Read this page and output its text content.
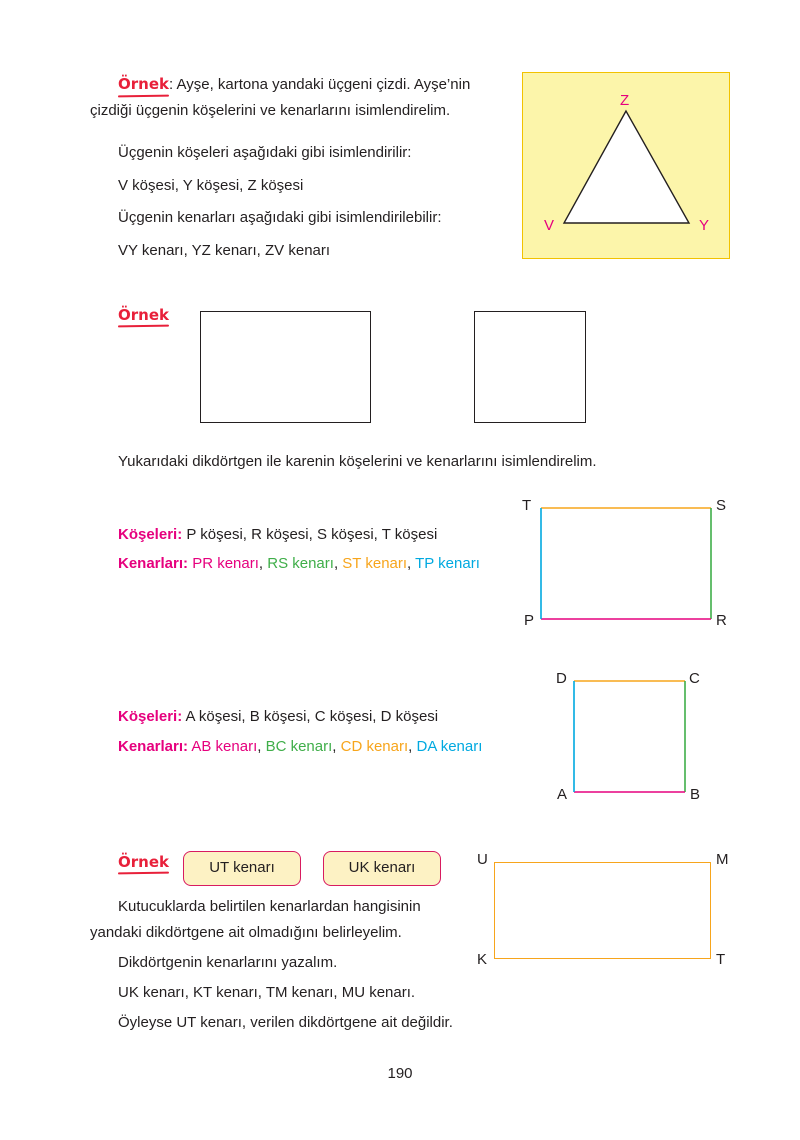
Örnek: Ayşe, kartona yandaki üçgeni çizdi. Ayşe’nin
çizdiği üçgenin köşelerini ve kenarlarını isimlendirelim.
Üçgenin köşeleri aşağıdaki gibi isimlendirilir:
V köşesi, Y köşesi, Z köşesi
Üçgenin kenarları aşağıdaki gibi isimlendirilebilir:
VY kenarı, YZ kenarı, ZV kenarı
Z
V	Y
Örnek
Yukarıdaki dikdörtgen ile karenin köşelerini ve kenarlarını isimlendirelim.
Köşeleri: P köşesi, R köşesi, S köşesi, T köşesi
Kenarları: PR kenarı, RS kenarı, ST kenarı, TP kenarı
T	S
P	R
Köşeleri: A köşesi, B köşesi, C köşesi, D köşesi
Kenarları: AB kenarı, BC kenarı, CD kenarı, DA kenarı
D	C
A	B
Örnek	UT kenarı	UK kenarı
Kutucuklarda belirtilen kenarlardan hangisinin
yandaki dikdörtgene ait olmadığını belirleyelim.
Dikdörtgenin kenarlarını yazalım.
UK kenarı, KT kenarı, TM kenarı, MU kenarı.
Öyleyse UT kenarı, verilen dikdörtgene ait değildir.
U	M
K	T
190
